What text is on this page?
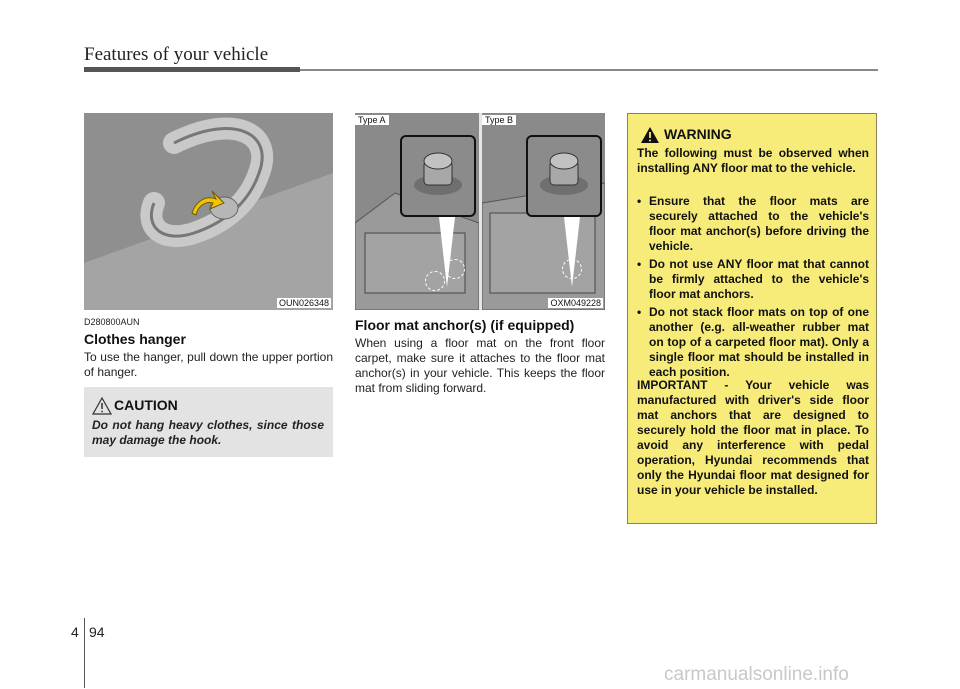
Features of your vehicle
OUN026348
D280800AUN
Clothes hanger
To use the hanger, pull down the upper portion of hanger.
CAUTION
Do not hang heavy clothes, since those may damage the hook.
Type A	Type B
OXM049228
Floor mat anchor(s) (if equipped)
When using a floor mat on the front floor carpet, make sure it attaches to the floor mat anchor(s) in your vehicle. This keeps the floor mat from sliding forward.
WARNING
The following must be observed when installing ANY floor mat to the vehicle.
• Ensure that the floor mats are securely attached to the vehicle's floor mat anchor(s) before driving the vehicle.
• Do not use ANY floor mat that cannot be firmly attached to the vehicle's floor mat anchors.
• Do not stack floor mats on top of one another (e.g. all-weather rubber mat on top of a carpeted floor mat). Only a single floor mat should be installed in each position.
IMPORTANT - Your vehicle was manufactured with driver's side floor mat anchors that are designed to securely hold the floor mat in place. To avoid any interference with pedal operation, Hyundai recommends that only the Hyundai floor mat designed for use in your vehicle be installed.
4 94
carmanualsonline.info
